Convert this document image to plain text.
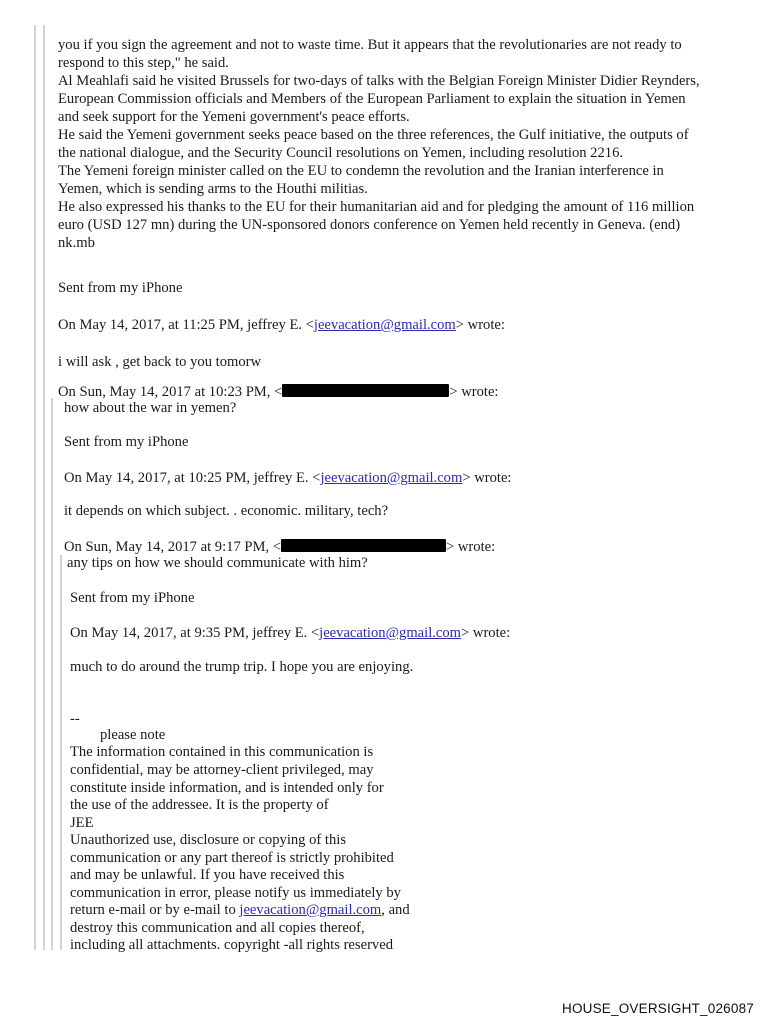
you if you sign the agreement and not to waste time. But it appears that the revolutionaries are not ready to
respond to this step," he said.
Al Meahlafi said he visited Brussels for two-days of talks with the Belgian Foreign Minister Didier Reynders,
European Commission officials and Members of the European Parliament to explain the situation in Yemen
and seek support for the Yemeni government's peace efforts.
He said the Yemeni government seeks peace based on the three references, the Gulf initiative, the outputs of
the national dialogue, and the Security Council resolutions on Yemen, including resolution 2216.
The Yemeni foreign minister called on the EU to condemn the revolution and the Iranian interference in
Yemen, which is sending arms to the Houthi militias.
He also expressed his thanks to the EU for their humanitarian aid and for pledging the amount of 116 million
euro (USD 127 mn) during the UN-sponsored donors conference on Yemen held recently in Geneva. (end)
nk.mb
Sent from my iPhone
On May 14, 2017, at 11:25 PM, jeffrey E. <jeevacation@gmail.com> wrote:
i will ask , get back to you tomorw
On Sun, May 14, 2017 at 10:23 PM, <	> wrote:
how about the war in yemen?
Sent from my iPhone
On May 14, 2017, at 10:25 PM, jeffrey E. <jeevacation@gmail.com> wrote:
it depends on which subject. . economic. military, tech?
On Sun, May 14, 2017 at 9:17 PM, <	> wrote:
any tips on how we should communicate with him?
Sent from my iPhone
On May 14, 2017, at 9:35 PM, jeffrey E. <jeevacation@gmail.com> wrote:
much to do around the trump trip. I hope you are enjoying.
--
please note
The information contained in this communication is
confidential, may be attorney-client privileged, may
constitute inside information, and is intended only for
the use of the addressee. It is the property of
JEE
Unauthorized use, disclosure or copying of this
communication or any part thereof is strictly prohibited
and may be unlawful. If you have received this
communication in error, please notify us immediately by
return e-mail or by e-mail to jeevacation@gmail.com, and
destroy this communication and all copies thereof,
including all attachments. copyright -all rights reserved
HOUSE_OVERSIGHT_026087
